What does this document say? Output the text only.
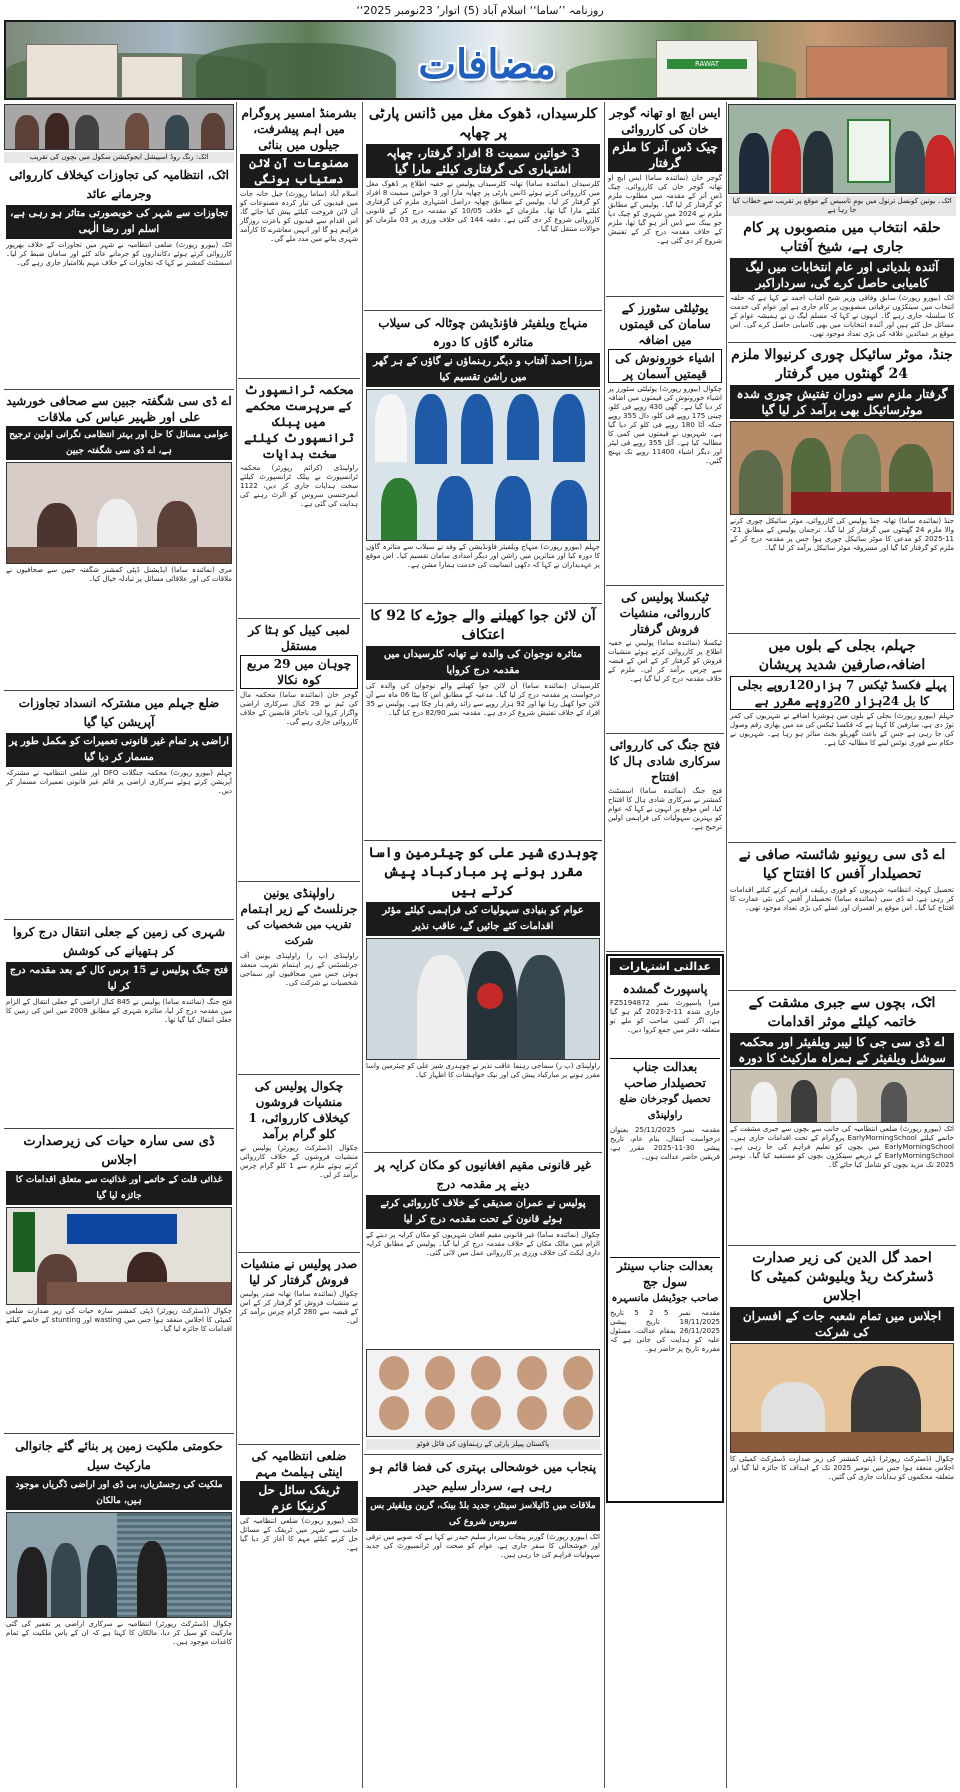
روزنامہ ’’ساما‘‘ اسلام آباد (5) اتوار’ 23نومبر 2025‘‘
RAWAT
مضافات
اٹک۔ یونین کونسل ترنول میں یومِ تاسیس کے موقع پر تقریب سے خطاب کیا جا رہا ہے
حلقہ انتخاب میں منصوبوں پر کام جاری ہے، شیخ آفتاب
آئندہ بلدیاتی اور عام انتخابات میں لیگ کامیابی حاصل کرے گی، سرداراکبر
اٹک (بیورو رپورٹ) سابق وفاقی وزیر شیخ آفتاب احمد نے کہا ہے کہ حلقہ انتخاب میں سینکڑوں ترقیاتی منصوبوں پر کام جاری ہے اور عوام کی خدمت کا سلسلہ جاری رہے گا۔ انہوں نے کہا کہ مسلم لیگ ن نے ہمیشہ عوام کے مسائل حل کئے ہیں اور آئندہ انتخابات میں بھی کامیابی حاصل کرے گی۔ اس موقع پر عمائدین علاقہ کی بڑی تعداد موجود تھی۔
جنڈ، موٹر سائیکل چوری کرنیوالا ملزم 24 گھنٹوں میں گرفتار
گرفتار ملزم سے دوران تفتیش چوری شدہ موٹرسائیکل بھی برآمد کر لیا گیا
جنڈ (نمائندہ ساما) تھانہ جنڈ پولیس کی کارروائی، موٹر سائیکل چوری کرنے والا ملزم 24 گھنٹوں میں گرفتار کر لیا گیا۔ ترجمان پولیس کے مطابق 21-11-2025 کو مدعی کا موٹر سائیکل چوری ہوا جس پر مقدمہ درج کر کے ملزم کو گرفتار کیا گیا اور مسروقہ موٹر سائیکل برآمد کر لیا گیا۔
جہلم، بجلی کے بلوں میں اضافہ،صارفین شدید پریشان
پہلے فکسڈ ٹیکس 7 ہزار120روپے بجلی کا بل 24ہزار 20روپے مقرر ہے
جہلم (بیورو رپورٹ) بجلی کے بلوں میں ہوشربا اضافے نے شہریوں کی کمر توڑ دی ہے، صارفین کا کہنا ہے کہ فکسڈ ٹیکس کی مد میں بھاری رقم وصول کی جا رہی ہے جس کے باعث گھریلو بجٹ متاثر ہو رہا ہے۔ شہریوں نے حکام سے فوری نوٹس لینے کا مطالبہ کیا ہے۔
اے ڈی سی ریونیو شائستہ صافی نے تحصیلدار آفس کا افتتاح کیا
تحصیل کہوٹہ انتظامیہ شہریوں کو فوری ریلیف فراہم کرنے کیلئے اقدامات کر رہی ہے، اے ڈی سی (نمائندہ ساما) تحصیلدار آفس کی نئی عمارت کا افتتاح کیا گیا۔ اس موقع پر افسران اور عملے کی بڑی تعداد موجود تھی۔
اٹک، بچوں سے جبری مشقت کے خاتمہ کیلئے موثر اقدامات
اے ڈی سی جی کا لیبر ویلفیئر اور محکمہ سوشل ویلفیئر کے ہمراہ مارکیٹ کا دورہ
اٹک (بیورو رپورٹ) ضلعی انتظامیہ کی جانب سے بچوں سے جبری مشقت کے خاتمے کیلئے EarlyMorningSchool پروگرام کے تحت اقدامات جاری ہیں۔ EarlyMorningSchool میں بچوں کو تعلیم فراہم کی جا رہی ہے۔ EarlyMorningSchool کے ذریعے سینکڑوں بچوں کو مستفید کیا گیا۔ نومبر 2025 تک مزید بچوں کو شامل کیا جائے گا۔
احمد گل الدین کی زیر صدارت ڈسٹرکٹ ریڈ ویلیوشن کمیٹی کا اجلاس
اجلاس میں تمام شعبہ جات کے افسران کی شرکت
چکوال (ڈسٹرکٹ رپورٹر) ڈپٹی کمشنر کی زیر صدارت ڈسٹرکٹ کمیٹی کا اجلاس منعقد ہوا جس میں نومبر 2025 تک کے اہداف کا جائزہ لیا گیا اور متعلقہ محکموں کو ہدایات جاری کی گئیں۔
ایس ایچ او تھانہ گوجر خان کی کارروائی
چیک ڈس آنر کا ملزم گرفتار
گوجر خان (نمائندہ ساما) ایس ایچ او تھانہ گوجر خان کی کارروائی، چیک ڈس آنر کے مقدمہ میں مطلوب ملزم کو گرفتار کر لیا گیا۔ پولیس کے مطابق ملزم نے 2024 میں شہری کو چیک دیا جو بینک سے ڈس آنر ہو گیا تھا، ملزم کے خلاف مقدمہ درج کر کے تفتیش شروع کر دی گئی ہے۔
یوٹیلٹی سٹورز کے سامان کی قیمتوں میں اضافہ
اشیاء خورونوش کی قیمتیں آسمان پر
چکوال (بیورو رپورٹ) یوٹیلٹی سٹورز پر اشیاء خورونوش کی قیمتوں میں اضافہ کر دیا گیا ہے۔ گھی 430 روپے فی کلو، چینی 175 روپے فی کلو، دال 355 روپے جبکہ آٹا 180 روپے فی کلو کر دیا گیا ہے۔ شہریوں نے قیمتوں میں کمی کا مطالبہ کیا ہے۔ آئل 355 روپے فی لیٹر اور دیگر اشیاء 11400 روپے تک پہنچ گئیں۔
ٹیکسلا پولیس کی کارروائی، منشیات فروش گرفتار
ٹیکسلا (نمائندہ ساما) پولیس نے خفیہ اطلاع پر کارروائی کرتے ہوئے منشیات فروش کو گرفتار کر کے اس کے قبضہ سے چرس برآمد کر لی۔ ملزم کے خلاف مقدمہ درج کر لیا گیا ہے۔
فتح جنگ کی کارروائی سرکاری شادی ہال کا افتتاح
فتح جنگ (نمائندہ ساما) اسسٹنٹ کمشنر نے سرکاری شادی ہال کا افتتاح کیا، اس موقع پر انہوں نے کہا کہ عوام کو بہترین سہولیات کی فراہمی اولین ترجیح ہے۔
عدالتی اشتہارات
پاسپورٹ گمشدہ
میرا پاسپورٹ نمبر FZ5194872 جاری شدہ 11-2-2023 گم ہو گیا ہے، اگر کسی صاحب کو ملے تو متعلقہ دفتر میں جمع کروا دیں۔
بعدالت جناب تحصیلدار صاحب
تحصیل گوجرخان ضلع راولپنڈی
مقدمہ نمبر 25/11/2025 بعنوان درخواست انتقال، بنام عام، تاریخ پیشی 30-11-2025 مقرر ہے، فریقین حاضر عدالت ہوں۔
بعدالت جناب سینئر سول جج
صاحب جوڈیشل مانسہرہ
مقدمہ نمبر 5 2 5 تاریخ 18/11/2025 تاریخ پیشی 26/11/2025 بمقام عدالت، مسئول علیہ کو ہدایت کی جاتی ہے کہ مقررہ تاریخ پر حاضر ہو۔
کلرسیداں، ڈھوک مغل میں ڈانس پارٹی پر چھاپہ
3 خواتین سمیت 8 افراد گرفتار، چھاپہ اشتہاری کی گرفتاری کیلئے مارا گیا
کلرسیداں (نمائندہ ساما) تھانہ کلرسیداں پولیس نے خفیہ اطلاع پر ڈھوک مغل میں کارروائی کرتے ہوئے ڈانس پارٹی پر چھاپہ مارا اور 3 خواتین سمیت 8 افراد کو گرفتار کر لیا۔ پولیس کے مطابق چھاپہ دراصل اشتہاری ملزم کی گرفتاری کیلئے مارا گیا تھا۔ ملزمان کے خلاف 10/05 کو مقدمہ درج کر کے قانونی کارروائی شروع کر دی گئی ہے۔ دفعہ 144 کی خلاف ورزی پر 03 ملزمان کو حوالات منتقل کیا گیا۔
منہاج ویلفیئر فاؤنڈیشن چوٹالہ کی سیلاب متاثرہ گاؤں کا دورہ
مرزا احمد آفتاب و دیگر رہنماؤں نے گاؤں کے ہر گھر میں راشن تقسیم کیا
جہلم (بیورو رپورٹ) منہاج ویلفیئر فاؤنڈیشن کے وفد نے سیلاب سے متاثرہ گاؤں کا دورہ کیا اور متاثرین میں راشن اور دیگر امدادی سامان تقسیم کیا۔ اس موقع پر عہدیداران نے کہا کہ دکھی انسانیت کی خدمت ہمارا مشن ہے۔
آن لائن جوا کھیلنے والے جوڑے کا 92 کا اعتکاف
متاثرہ نوجوان کی والدہ نے تھانہ کلرسیداں میں مقدمہ درج کروایا
کلرسیداں (نمائندہ ساما) آن لائن جوا کھیلنے والے نوجوان کی والدہ کی درخواست پر مقدمہ درج کر لیا گیا۔ مدعیہ کے مطابق اس کا بیٹا 06 ماہ سے آن لائن جوا کھیل رہا تھا اور 92 ہزار روپے سے زائد رقم ہار چکا ہے۔ پولیس نے 35 افراد کے خلاف تفتیش شروع کر دی ہے۔ مقدمہ نمبر 82/90 درج کیا گیا۔
چوہدری شیر علی کو چیئرمین واسا مقرر ہونے پر مبارکباد پیش کرتے ہیں
عوام کو بنیادی سہولیات کی فراہمی کیلئے مؤثر اقدامات کئے جائیں گے، عاقب نذیر
راولپنڈی (پ ر) سماجی رہنما عاقب نذیر نے چوہدری شیر علی کو چیئرمین واسا مقرر ہونے پر مبارکباد پیش کی اور نیک خواہشات کا اظہار کیا۔
غیر قانونی مقیم افغانیوں کو مکان کرایہ پر دینے پر مقدمہ درج
پولیس نے عمران صدیقی کے خلاف کارروائی کرتے ہوئے قانون کے تحت مقدمہ درج کر لیا
چکوال (نمائندہ ساما) غیر قانونی مقیم افغان شہریوں کو مکان کرایہ پر دینے کے الزام میں مالک مکان کے خلاف مقدمہ درج کر لیا گیا۔ پولیس کے مطابق کرایہ داری ایکٹ کی خلاف ورزی پر کارروائی عمل میں لائی گئی۔
پاکستان پیپلز پارٹی کے رہنماؤں کی فائل فوٹو
پنجاب میں خوشحالی بہتری کی فضا قائم ہو رہی ہے، سردار سلیم حیدر
ملاقات میں ڈائیلاسز سینٹر، جدید بلڈ بینک، گرین ویلفیئر بس سروس شروع کی
اٹک (بیورو رپورٹ) گورنر پنجاب سردار سلیم حیدر نے کہا ہے کہ صوبے میں ترقی اور خوشحالی کا سفر جاری ہے، عوام کو صحت اور ٹرانسپورٹ کی جدید سہولیات فراہم کی جا رہی ہیں۔
بشرمنڈ امسیر پروگرام میں اہم پیشرفت، جیلوں میں بنائی
مصنوعات آن لائن دستیاب ہونگی
اسلام آباد (ساما رپورٹ) جیل خانہ جات میں قیدیوں کی تیار کردہ مصنوعات کو آن لائن فروخت کیلئے پیش کیا جائے گا، اس اقدام سے قیدیوں کو باعزت روزگار فراہم ہو گا اور انہیں معاشرے کا کارآمد شہری بنانے میں مدد ملے گی۔
محکمہ ٹرانسپورٹ کے سرپرست محکمے میں پبلک ٹرانسپورٹ کیلئے سخت ہدایات
راولپنڈی (کرائم رپورٹر) محکمہ ٹرانسپورٹ نے پبلک ٹرانسپورٹ کیلئے سخت ہدایات جاری کر دیں، 1122 ایمرجنسی سروس کو الرٹ رہنے کی ہدایت کی گئی ہے۔
لمبی کیبل کو ہٹا کر مستقل
چوہان میں 29 مربع کوہ نکالا
گوجر خان (نمائندہ ساما) محکمہ مال کی ٹیم نے 29 کنال سرکاری اراضی واگزار کروا لی، ناجائز قابضین کے خلاف کارروائی جاری رہے گی۔
راولپنڈی یونین جرنلسٹ کے زیر اہتمام
تقریب میں شخصیات کی شرکت
راولپنڈی (پ ر) راولپنڈی یونین آف جرنلسٹس کے زیر اہتمام تقریب منعقد ہوئی جس میں صحافیوں اور سماجی شخصیات نے شرکت کی۔
چکوال پولیس کی منشیات فروشوں کیخلاف کارروائی، 1 کلو گرام برآمد
چکوال (ڈسٹرکٹ رپورٹر) پولیس نے منشیات فروشوں کے خلاف کارروائی کرتے ہوئے ملزم سے 1 کلو گرام چرس برآمد کر لی۔
صدر پولیس نے منشیات فروش گرفتار کر لیا
چکوال (نمائندہ ساما) تھانہ صدر پولیس نے منشیات فروش کو گرفتار کر کے اس کے قبضہ سے 280 گرام چرس برآمد کر لی۔
ضلعی انتظامیہ کی اینٹی ہیلمٹ مہم
ٹریفک سائل حل کرنیکا عزم
اٹک (بیورو رپورٹ) ضلعی انتظامیہ کی جانب سے شہر میں ٹریفک کے مسائل حل کرنے کیلئے مہم کا آغاز کر دیا گیا ہے۔
اٹک: رنگ روڈ اسپیشل ایجوکیشن سکول میں بچوں کی تقریب
اٹک، انتظامیہ کی تجاوزات کیخلاف کارروائی وجرمانے عائد
تجاوزات سے شہر کی خوبصورتی متاثر ہو رہی ہے، اسلم اور رضا الٰہی
اٹک (بیورو رپورٹ) ضلعی انتظامیہ نے شہر میں تجاوزات کے خلاف بھرپور کارروائی کرتے ہوئے دکانداروں کو جرمانے عائد کئے اور سامان ضبط کر لیا۔ اسسٹنٹ کمشنر نے کہا کہ تجاوزات کے خلاف مہم بلاامتیاز جاری رہے گی۔
اے ڈی سی شگفتہ جبین سے صحافی خورشید علی اور ظہیر عباس کی ملاقات
عوامی مسائل کا حل اور بہتر انتظامی نگرانی اولین ترجیح ہے، اے ڈی سی شگفتہ جبین
مری (نمائندہ ساما) ایڈیشنل ڈپٹی کمشنر شگفتہ جبین سے صحافیوں نے ملاقات کی اور علاقائی مسائل پر تبادلہ خیال کیا۔
ضلع جہلم میں مشترکہ انسداد تجاوزات آپریشن کیا گیا
اراضی پر تمام غیر قانونی تعمیرات کو مکمل طور پر مسمار کر دیا گیا
جہلم (بیورو رپورٹ) محکمہ جنگلات DFO اور ضلعی انتظامیہ نے مشترکہ آپریشن کرتے ہوئے سرکاری اراضی پر قائم غیر قانونی تعمیرات مسمار کر دیں۔
شہری کی زمین کے جعلی انتقال درج کروا کر ہتھیانے کی کوشش
فتح جنگ پولیس نے 15 برس کال کے بعد مقدمہ درج کر لیا
فتح جنگ (نمائندہ ساما) پولیس نے 845 کنال اراضی کے جعلی انتقال کے الزام میں مقدمہ درج کر لیا، متاثرہ شہری کے مطابق 2009 میں اس کی زمین کا جعلی انتقال کیا گیا تھا۔
ڈی سی سارہ حیات کی زیرصدارت اجلاس
غذائی قلت کے خاتمے اور غذائیت سے متعلق اقدامات کا جائزہ لیا گیا
چکوال (ڈسٹرکٹ رپورٹر) ڈپٹی کمشنر سارہ حیات کی زیر صدارت ضلعی کمیٹی کا اجلاس منعقد ہوا جس میں wasting اور stunting کے خاتمے کیلئے اقدامات کا جائزہ لیا گیا۔
حکومتی ملکیت زمین پر بنائے گئے جانوالی مارکیٹ سیل
ملکیت کی رجسٹریاں، بی ڈی اور اراضی ڈگریاں موجود ہیں، مالکان
چکوال (ڈسٹرکٹ رپورٹر) انتظامیہ نے سرکاری اراضی پر تعمیر کی گئی مارکیٹ کو سیل کر دیا، مالکان کا کہنا ہے کہ ان کے پاس ملکیت کے تمام کاغذات موجود ہیں۔
